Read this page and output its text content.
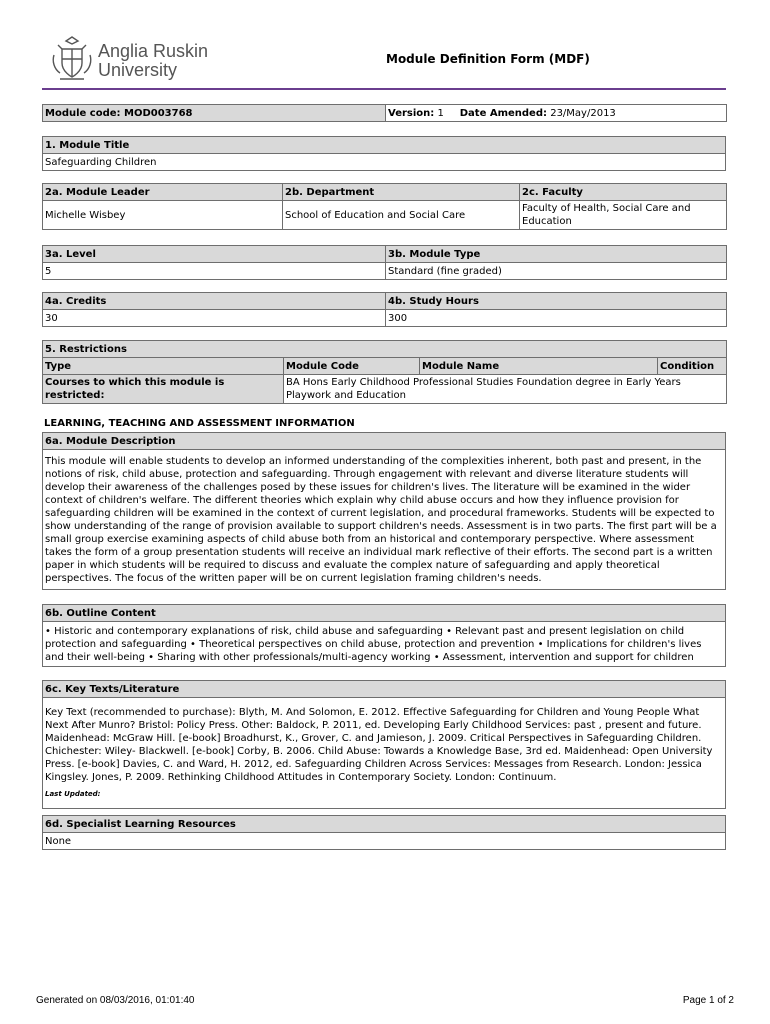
Anglia Ruskin
University
Module Definition Form (MDF)
Module code: MOD003768	Version: 1 Date Amended: 23/May/2013
1. Module Title
Safeguarding Children
2a. Module Leader	2b. Department	2c. Faculty
Michelle Wisbey	School of Education and Social Care	Faculty of Health, Social Care and Education
3a. Level	3b. Module Type
5	Standard (fine graded)
4a. Credits	4b. Study Hours
30	300
5. Restrictions			
Type	Module Code	Module Name	Condition
Courses to which this module is restricted:	BA Hons Early Childhood Professional Studies Foundation degree in Early Years Playwork and Education		
LEARNING, TEACHING AND ASSESSMENT INFORMATION
6a. Module Description
This module will enable students to develop an informed understanding of the complexities inherent, both past and present, in the notions of risk, child abuse, protection and safeguarding. Through engagement with relevant and diverse literature students will develop their awareness of the challenges posed by these issues for children's lives. The literature will be examined in the wider context of children's welfare. The different theories which explain why child abuse occurs and how they influence provision for safeguarding children will be examined in the context of current legislation, and procedural frameworks. Students will be expected to show understanding of the range of provision available to support children's needs. Assessment is in two parts. The first part will be a small group exercise examining aspects of child abuse both from an historical and contemporary perspective. Where assessment takes the form of a group presentation students will receive an individual mark reflective of their efforts. The second part is a written paper in which students will be required to discuss and evaluate the complex nature of safeguarding and apply theoretical perspectives. The focus of the written paper will be on current legislation framing children's needs.
6b. Outline Content
• Historic and contemporary explanations of risk, child abuse and safeguarding • Relevant past and present legislation on child protection and safeguarding • Theoretical perspectives on child abuse, protection and prevention • Implications for children's lives and their well-being • Sharing with other professionals/multi-agency working • Assessment, intervention and support for children
6c. Key Texts/Literature

Key Text (recommended to purchase): Blyth, M. And Solomon, E. 2012. Effective Safeguarding for Children and Young People What Next After Munro? Bristol: Policy Press. Other: Baldock, P. 2011, ed. Developing Early Childhood Services: past , present and future. Maidenhead: McGraw Hill. [e-book] Broadhurst, K., Grover, C. and Jamieson, J. 2009. Critical Perspectives in Safeguarding Children. Chichester: Wiley- Blackwell. [e-book] Corby, B. 2006. Child Abuse: Towards a Knowledge Base, 3rd ed. Maidenhead: Open University Press. [e-book] Davies, C. and Ward, H. 2012, ed. Safeguarding Children Across Services: Messages from Research. London: Jessica Kingsley. Jones, P. 2009. Rethinking Childhood Attitudes in Contemporary Society. London: Continuum.
Last Updated:
6d. Specialist Learning Resources
None
Generated on 08/03/2016, 01:01:40	Page 1 of 2
